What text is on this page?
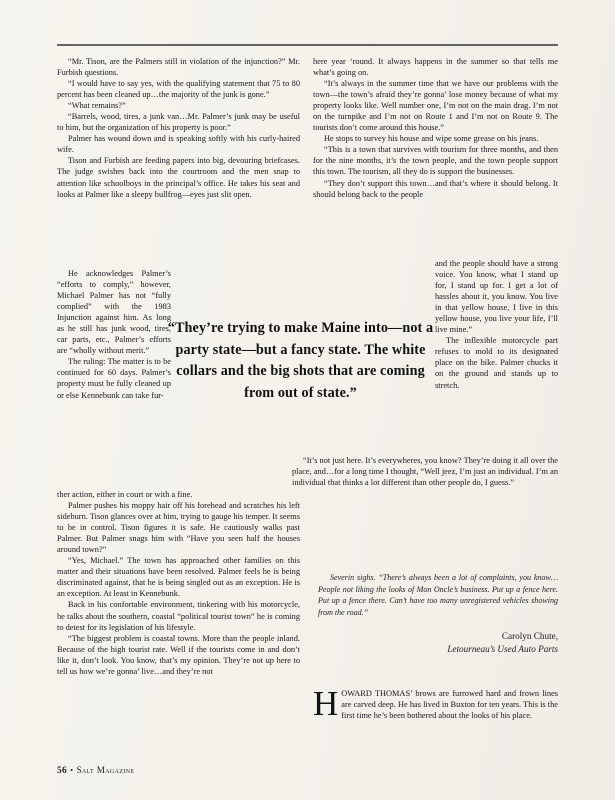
“Mr. Tison, are the Palmers still in violation of the injunction?” Mr. Furbish questions.

“I would have to say yes, with the qualifying statement that 75 to 80 percent has been cleaned up…the majority of the junk is gone.”

“What remains?”

“Barrels, wood, tires, a junk van…Mr. Palmer’s junk may be useful to him, but the organization of his property is poor.”

Palmer has wound down and is speaking softly with his curly-haired wife.

Tison and Furbish are feeding papers into big, devouring briefcases. The judge swishes back into the courtroom and the men snap to attention like schoolboys in the principal’s office. He takes his seat and looks at Palmer like a sleepy bullfrog—eyes just slit open.

He acknowledges Palmer’s “efforts to comply,” however, Michael Palmer has not “fully complied” with the 1983 Injunction against him. As long as he still has junk wood, tires, car parts, etc., Palmer’s efforts are “wholly without merit.”

The ruling: The matter is to be continued for 60 days. Palmer’s property must be fully cleaned up or else Kennebunk can take fur-

ther action, either in court or with a fine.

Palmer pushes his moppy hair off his forehead and scratches his left sideburn. Tison glances over at him, trying to gauge his temper. It seems to be in control. Tison figures it is safe. He cautiously walks past Palmer. But Palmer snags him with “Have you seen half the houses around town?”

“Yes, Michael.” The town has approached other families on this matter and their situations have been resolved. Palmer feels he is being discriminated against, that he is being singled out as an exception. He is an exception. At least in Kennebunk.

Back in his confortable environment, tinkering with his motorcycle, he talks about the southern, coastal “political tourist town” he is coming to detest for its legislation of his lifestyle.

“The biggest problem is coastal towns. More than the people inland. Because of the high tourist rate. Well if the tourists come in and don’t like it, don’t look. You know, that’s my opinion. They’re not up here to tell us how we’re gonna’ live…and they’re not

here year ‘round. It always happens in the summer so that tells me what’s going on.

“It’s always in the summer time that we have our problems with the town—the town’s afraid they’re gonna’ lose money because of what my property looks like. Well number one, I’m not on the main drag. I’m not on the turnpike and I’m not on Route 1 and I’m not on Route 9. The tourists don’t come around this house.”

He stops to survey his house and wipe some grease on his jeans.

“This is a town that survives with tourism for three months, and then for the nine months, it’s the town people, and the town people support this town. The tourism, all they do is support the businesses.

“They don’t support this town…and that’s where it should belong. It should belong back to the people

and the people should have a strong voice. You know, what I stand up for, I stand up for. I get a lot of hassles about it, you know. You live in that yellow house, I live in this yellow house, you live your life, I’ll live mine.”

The inflexible motorcycle part refuses to mold to its designated place on the bike. Palmer chucks it on the ground and stands up to stretch.

“It’s not just here. It’s everywheres, you know? They’re doing it all over the place, and…for a long time I thought, “Well jeez, I’m just an individual. I’m an individual that thinks a lot different than other people do, I guess.”

“They’re trying to make Maine into—not a party state—but a fancy state. The white collars and the big shots that are coming from out of state.”

Severin sighs. “There’s always been a lot of complaints, you know…People not liking the looks of Mon Oncle’s business. Put up a fence here. Put up a fence there. Can’t have too many unregistered vehicles showing from the road.”

Carolyn Chute,
Letourneau’s Used Auto Parts

HOWARD THOMAS’ brows are furrowed hard and frown lines are carved deep. He has lived in Buxton for ten years. This is the first time he’s been bothered about the looks of his place.

56 • Salt Magazine
